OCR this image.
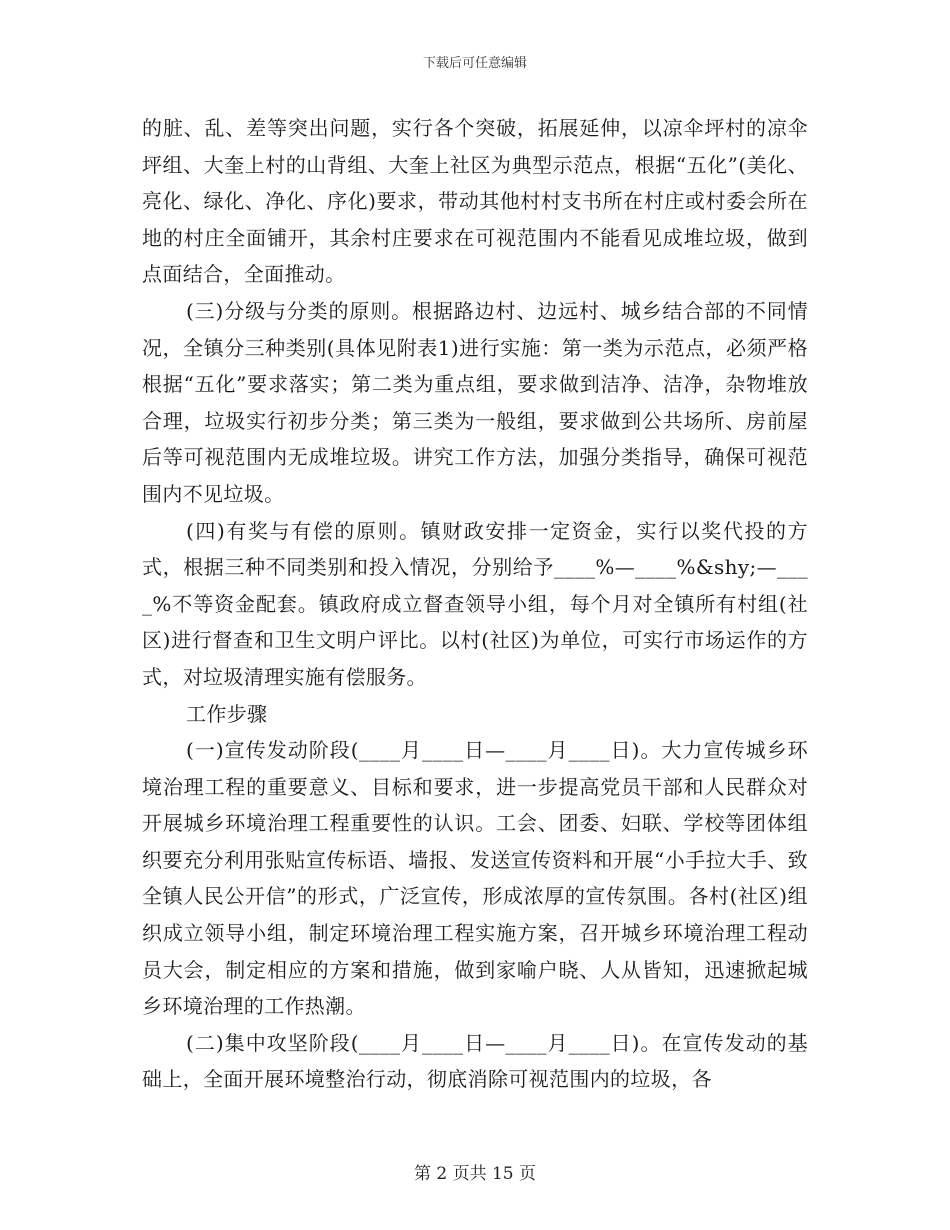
下载后可任意编辑

的脏、乱、差等突出问题，实行各个突破，拓展延伸，以凉伞坪村的凉伞坪组、大奎上村的山背组、大奎上社区为典型示范点，根据“五化”(美化、亮化、绿化、净化、序化)要求，带动其他村村支书所在村庄或村委会所在地的村庄全面铺开，其余村庄要求在可视范围内不能看见成堆垃圾，做到点面结合，全面推动。

(三)分级与分类的原则。根据路边村、边远村、城乡结合部的不同情况，全镇分三种类别(具体见附表1)进行实施：第一类为示范点，必须严格根据“五化”要求落实；第二类为重点组，要求做到洁净、洁净，杂物堆放合理，垃圾实行初步分类；第三类为一般组，要求做到公共场所、房前屋后等可视范围内无成堆垃圾。讲究工作方法，加强分类指导，确保可视范围内不见垃圾。

(四)有奖与有偿的原则。镇财政安排一定资金，实行以奖代投的方式，根据三种不同类别和投入情况，分别给予____%—____%&shy;—____%不等资金配套。镇政府成立督查领导小组，每个月对全镇所有村组(社区)进行督查和卫生文明户评比。以村(社区)为单位，可实行市场运作的方式，对垃圾清理实施有偿服务。

工作步骤

(一)宣传发动阶段(____月____日—____月____日)。大力宣传城乡环境治理工程的重要意义、目标和要求，进一步提高党员干部和人民群众对开展城乡环境治理工程重要性的认识。工会、团委、妇联、学校等团体组织要充分利用张贴宣传标语、墙报、发送宣传资料和开展“小手拉大手、致全镇人民公开信”的形式，广泛宣传，形成浓厚的宣传氛围。各村(社区)组织成立领导小组，制定环境治理工程实施方案，召开城乡环境治理工程动员大会，制定相应的方案和措施，做到家喻户晓、人从皆知，迅速掀起城乡环境治理的工作热潮。

(二)集中攻坚阶段(____月____日—____月____日)。在宣传发动的基础上，全面开展环境整治行动，彻底消除可视范围内的垃圾，各

第 2 页共 15 页
